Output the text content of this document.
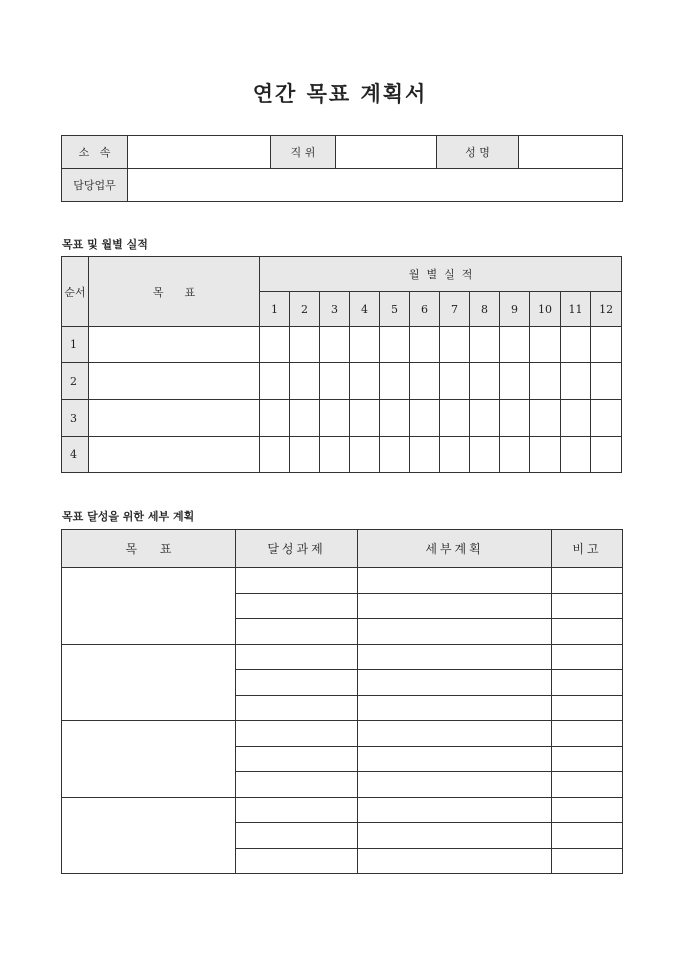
연간 목표 계획서
소   속		직 위		성 명	
담당업무					
목표 및 월별 실적
순서	목      표	월  별  실  적											
		1	2	3	4	5	6	7	8	9	10	11	12
1													
2													
3													
4													
목표 달성을 위한 세부 계획
목      표	달성과제	세부계획	비고
